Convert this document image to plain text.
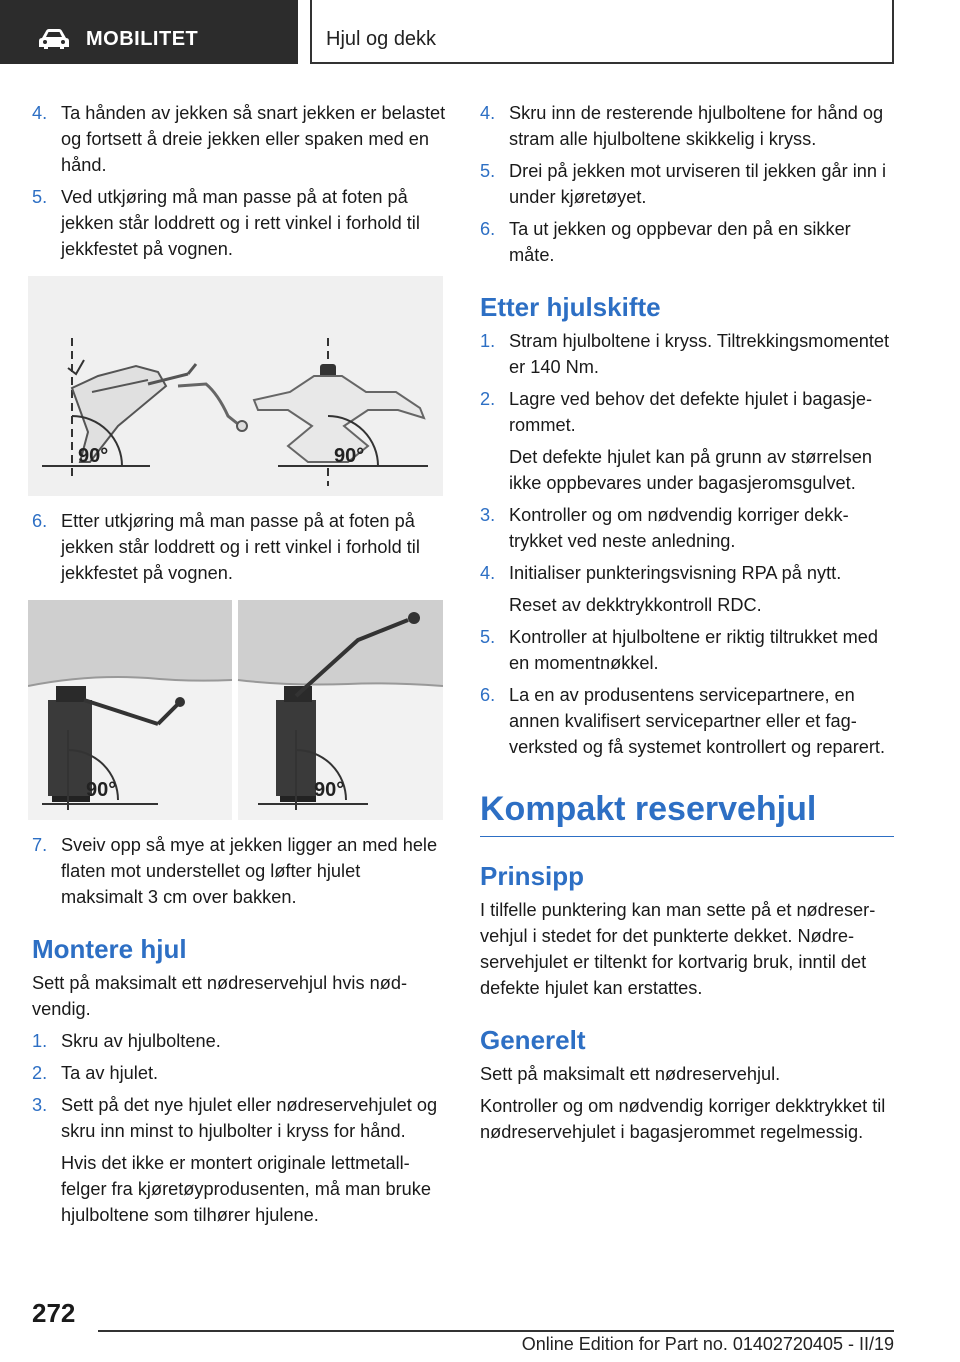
MOBILITET	Hjul og dekk
4. Ta hånden av jekken så snart jekken er belastet og fortsett å dreie jekken eller spaken med en hånd.

5. Ved utkjøring må man passe på at foten på jekken står loddrett og i rett vinkel i forhold til jekkfestet på vognen.

90°	90°
6. Etter utkjøring må man passe på at foten på jekken står loddrett og i rett vinkel i forhold til jekkfestet på vognen.

90°	90°
7. Sveiv opp så mye at jekken ligger an med hele flaten mot understellet og løfter hjulet maksimalt 3 cm over bakken.

Montere hjul

Sett på maksimalt ett nødreservehjul hvis nødvendig.

1. Skru av hjulboltene.

2. Ta av hjulet.

3. Sett på det nye hjulet eller nødreservehjulet og skru inn minst to hjulbolter i kryss for hånd.

Hvis det ikke er montert originale lettmetallfelger fra kjøretøyprodusenten, må man bruke hjulboltene som tilhører hjulene.

4. Skru inn de resterende hjulboltene for hånd og stram alle hjulboltene skikkelig i kryss.

5. Drei på jekken mot urviseren til jekken går inn i under kjøretøyet.

6. Ta ut jekken og oppbevar den på en sikker måte.

Etter hjulskifte
1. Stram hjulboltene i kryss. Tiltrekkingsmomentet er 140 Nm.

2. Lagre ved behov det defekte hjulet i bagasjerommet.

Det defekte hjulet kan på grunn av størrelsen ikke oppbevares under bagasjeromsgulvet.

3. Kontroller og om nødvendig korriger dekktrykket ved neste anledning.

4. Initialiser punkteringsvisning RPA på nytt.

Reset av dekktrykkontroll RDC.

5. Kontroller at hjulboltene er riktig tiltrukket med en momentnøkkel.

6. La en av produsentens servicepartnere, en annen kvalifisert servicepartner eller et fagverksted og få systemet kontrollert og reparert.

Kompakt reservehjul
Prinsipp

I tilfelle punktering kan man sette på et nødreservehjul i stedet for det punkterte dekket. Nødreservehjulet er tiltenkt for kortvarig bruk, inntil det defekte hjulet kan erstattes.

Generelt

Sett på maksimalt ett nødreservehjul.

Kontroller og om nødvendig korriger dekktrykket til nødreservehjulet i bagasjerommet regelmessig.

272
Online Edition for Part no. 01402720405 - II/19
